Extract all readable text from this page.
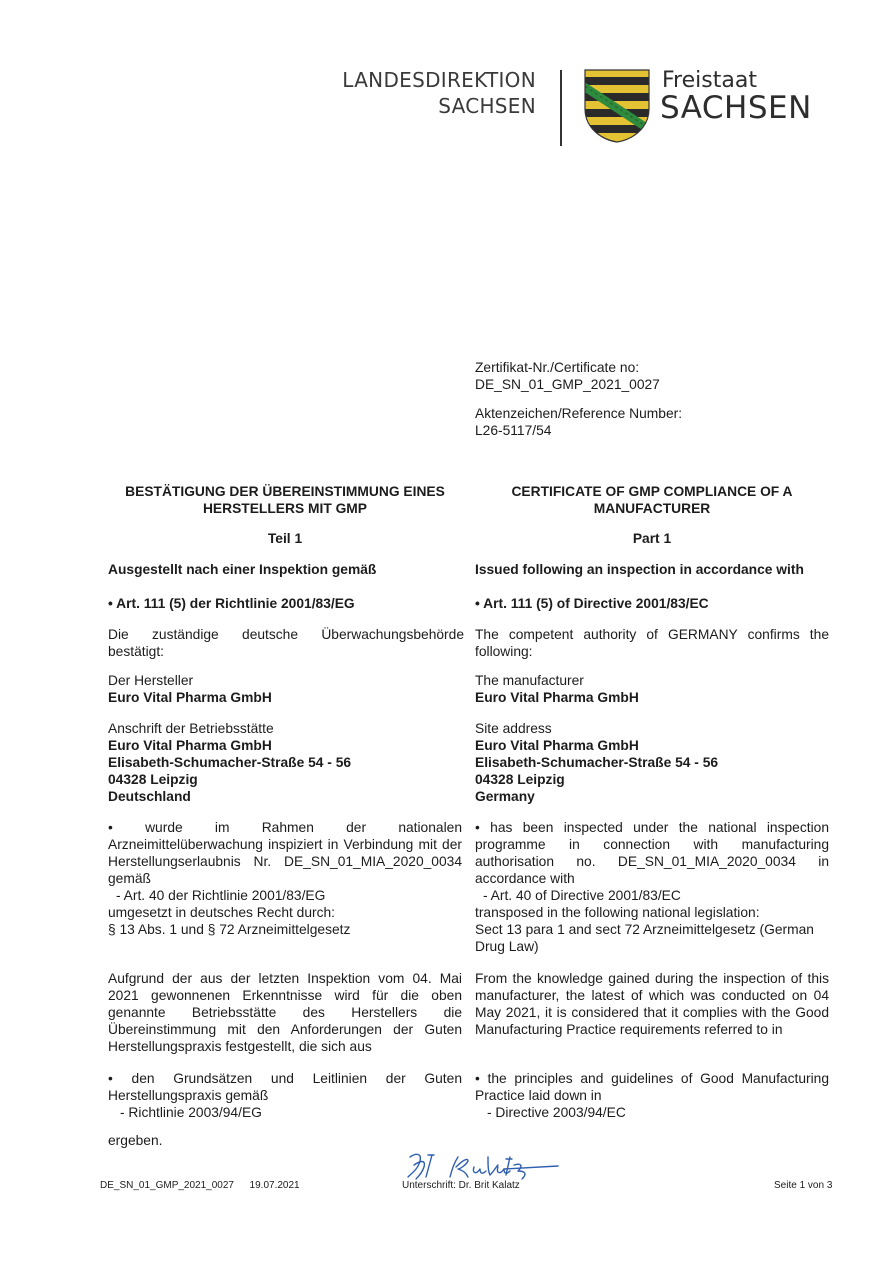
LANDESDIREKTION
SACHSEN
Freistaat
SACHSEN
Zertifikat-Nr./Certificate no:
DE_SN_01_GMP_2021_0027
Aktenzeichen/Reference Number:
L26-5117/54
BESTÄTIGUNG DER ÜBEREINSTIMMUNG EINES HERSTELLERS MIT GMP
Teil 1
Ausgestellt nach einer Inspektion gemäß
• Art. 111 (5) der Richtlinie 2001/83/EG
Die zuständige deutsche Überwachungsbehörde bestätigt:
Der Hersteller
Euro Vital Pharma GmbH
Anschrift der Betriebsstätte
Euro Vital Pharma GmbH
Elisabeth-Schumacher-Straße 54 - 56
04328 Leipzig
Deutschland
• wurde im Rahmen der nationalen Arzneimittelüberwachung inspiziert in Verbindung mit der Herstellungserlaubnis Nr. DE_SN_01_MIA_2020_0034 gemäß
- Art. 40 der Richtlinie 2001/83/EG
umgesetzt in deutsches Recht durch:
§ 13 Abs. 1 und § 72 Arzneimittelgesetz
Aufgrund der aus der letzten Inspektion vom 04. Mai 2021 gewonnenen Erkenntnisse wird für die oben genannte Betriebsstätte des Herstellers die Übereinstimmung mit den Anforderungen der Guten Herstellungspraxis festgestellt, die sich aus
• den Grundsätzen und Leitlinien der Guten Herstellungspraxis gemäß
- Richtlinie 2003/94/EG
ergeben.
CERTIFICATE OF GMP COMPLIANCE OF A MANUFACTURER
Part 1
Issued following an inspection in accordance with
• Art. 111 (5) of Directive 2001/83/EC
The competent authority of GERMANY confirms the following:
The manufacturer
Euro Vital Pharma GmbH
Site address
Euro Vital Pharma GmbH
Elisabeth-Schumacher-Straße 54 - 56
04328 Leipzig
Germany
• has been inspected under the national inspection programme in connection with manufacturing authorisation no. DE_SN_01_MIA_2020_0034 in accordance with
- Art. 40 of Directive 2001/83/EC
transposed in the following national legislation:
Sect 13 para 1 and sect 72 Arzneimittelgesetz (German Drug Law)
From the knowledge gained during the inspection of this manufacturer, the latest of which was conducted on 04 May 2021, it is considered that it complies with the Good Manufacturing Practice requirements referred to in
• the principles and guidelines of Good Manufacturing Practice laid down in
- Directive 2003/94/EC
DE_SN_01_GMP_2021_0027 19.07.2021	Unterschrift: Dr. Brit Kalatz	Seite 1 von 3
